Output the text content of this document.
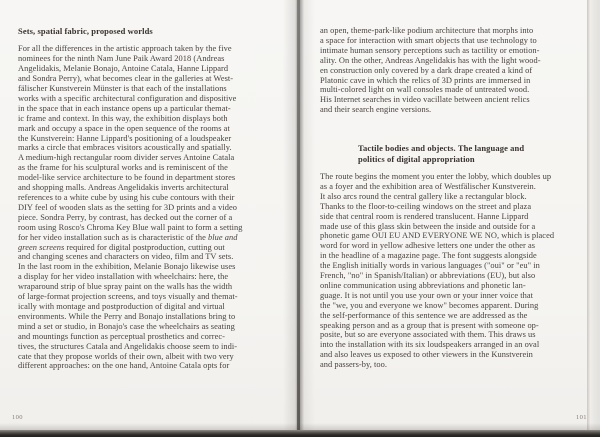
Sets, spatial fabric, proposed worlds
For all the differences in the artistic approach taken by the five
nominees for the ninth Nam June Paik Award 2018 (Andreas
Angelidakis, Melanie Bonajo, Antoine Catala, Hanne Lippard
and Sondra Perry), what becomes clear in the galleries at West-
fälischer Kunstverein Münster is that each of the installations
works with a specific architectural configuration and dispositive
in the space that in each instance opens up a particular themat-
ic frame and context. In this way, the exhibition displays both
mark and occupy a space in the open sequence of the rooms at
the Kunstverein: Hanne Lippard's positioning of a loudspeaker
marks a circle that embraces visitors acoustically and spatially.
A medium-high rectangular room divider serves Antoine Catala
as the frame for his sculptural works and is reminiscent of the
model-like service architecture to be found in department stores
and shopping malls. Andreas Angelidakis inverts architectural
references to a white cube by using his cube contours with their
DIY feel of wooden slats as the setting for 3D prints and a video
piece. Sondra Perry, by contrast, has decked out the corner of a
room using Rosco's Chroma Key Blue wall paint to form a setting
for her video installation such as is characteristic of the blue and
green screens required for digital postproduction, cutting out
and changing scenes and characters on video, film and TV sets.
In the last room in the exhibition, Melanie Bonajo likewise uses
a display for her video installation with wheelchairs: here, the
wraparound strip of blue spray paint on the walls has the width
of large-format projection screens, and toys visually and themat-
ically with montage and postproduction of digital and virtual
environments. While the Perry and Bonajo installations bring to
mind a set or studio, in Bonajo's case the wheelchairs as seating
and mountings function as perceptual prosthetics and correc-
tives, the structures Catala and Angelidakis choose seem to indi-
cate that they propose worlds of their own, albeit with two very
different approaches: on the one hand, Antoine Catala opts for
an open, theme-park-like podium architecture that morphs into
a space for interaction with smart objects that use technology to
intimate human sensory perceptions such as tactility or emotion-
ality. On the other, Andreas Angelidakis has with the light wood-
en construction only covered by a dark drape created a kind of
Platonic cave in which the relics of 3D prints are immersed in
multi-colored light on wall consoles made of untreated wood.
His Internet searches in video vacillate between ancient relics
and their search engine versions.
Tactile bodies and objects. The language and
politics of digital appropriation
The route begins the moment you enter the lobby, which doubles up
as a foyer and the exhibition area of Westfälischer Kunstverein.
It also arcs round the central gallery like a rectangular block.
Thanks to the floor-to-ceiling windows on the street and plaza
side that central room is rendered translucent. Hanne Lippard
made use of this glass skin between the inside and outside for a
phonetic game OUI EU AND EVERYONE WE NO, which is placed
word for word in yellow adhesive letters one under the other as
in the headline of a magazine page. The font suggests alongside
the English initially words in various languages ("oui" or "eu" in
French, "no" in Spanish/Italian) or abbreviations (EU), but also
online communication using abbreviations and phonetic lan-
guage. It is not until you use your own or your inner voice that
the "we, you and everyone we know" becomes apparent. During
the self-performance of this sentence we are addressed as the
speaking person and as a group that is present with someone op-
posite, but so are everyone associated with them. This draws us
into the installation with its six loudspeakers arranged in an oval
and also leaves us exposed to other viewers in the Kunstverein
and passers-by, too.
100	101
